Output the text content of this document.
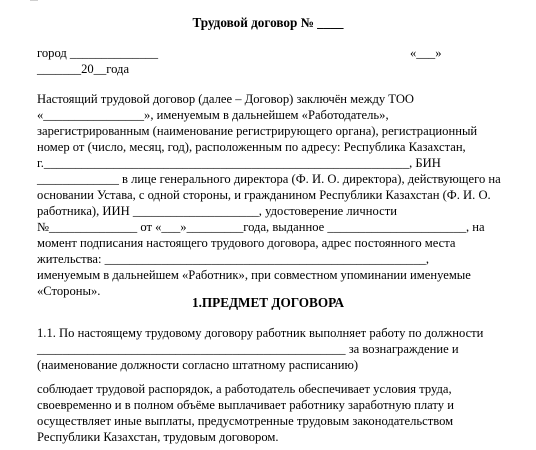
Трудовой договор № ____
город ______________	«___»
_______20__года
Настоящий трудовой договор (далее – Договор) заключён между ТОО
«________________», именуемым в дальнейшем «Работодатель»,
зарегистрированным (наименование регистрирующего органа), регистрационный
номер от (число, месяц, год), расположенным по адресу: Республика Казахстан,
г.__________________________________________________________, БИН
_____________ в лице генерального директора (Ф. И. О. директора), действующего на
основании Устава, с одной стороны, и гражданином Республики Казахстан (Ф. И. О.
работника), ИИН ____________________, удостоверение личности
№______________ от «___»_________года, выданное ______________________, на
момент подписания настоящего трудового договора, адрес постоянного места
жительства: ___________________________________________________,
именуемым в дальнейшем «Работник», при совместном упоминании именуемые
«Стороны».
1.ПРЕДМЕТ ДОГОВОРА
1.1. По настоящему трудовому договору работник выполняет работу по должности
_________________________________________________ за вознаграждение и
(наименование должности согласно штатному расписанию)
соблюдает трудовой распорядок, а работодатель обеспечивает условия труда,
своевременно и в полном объёме выплачивает работнику заработную плату и
осуществляет иные выплаты, предусмотренные трудовым законодательством
Республики Казахстан, трудовым договором.
